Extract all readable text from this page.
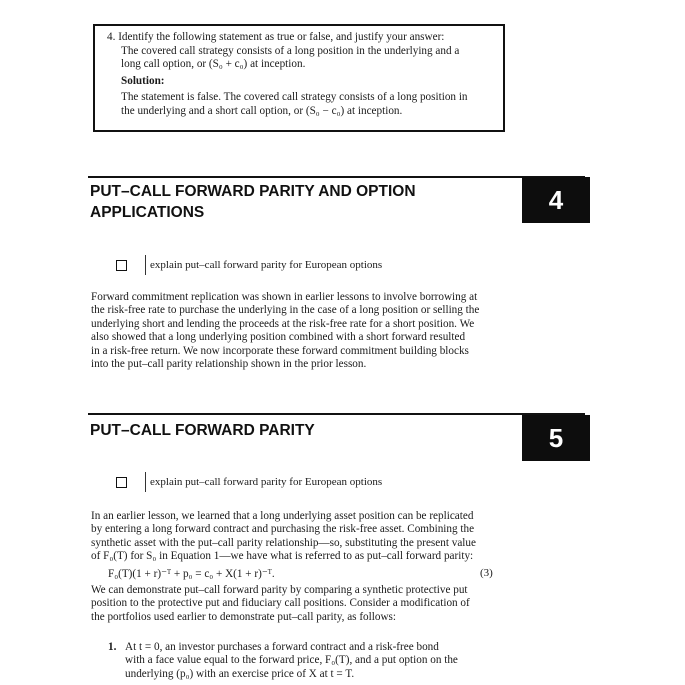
4. Identify the following statement as true or false, and justify your answer:
The covered call strategy consists of a long position in the underlying and a
long call option, or (S₀ + c₀) at inception.
Solution:
The statement is false. The covered call strategy consists of a long position in
the underlying and a short call option, or (S₀ − c₀) at inception.
PUT–CALL FORWARD PARITY AND OPTION
APPLICATIONS	4
explain put–call forward parity for European options
Forward commitment replication was shown in earlier lessons to involve borrowing at
the risk-free rate to purchase the underlying in the case of a long position or selling the
underlying short and lending the proceeds at the risk-free rate for a short position. We
also showed that a long underlying position combined with a short forward resulted
in a risk-free return. We now incorporate these forward commitment building blocks
into the put–call parity relationship shown in the prior lesson.
PUT–CALL FORWARD PARITY	5
explain put–call forward parity for European options
In an earlier lesson, we learned that a long underlying asset position can be replicated
by entering a long forward contract and purchasing the risk-free asset. Combining the
synthetic asset with the put–call parity relationship—so, substituting the present value
of F₀(T) for S₀ in Equation 1—we have what is referred to as put–call forward parity:
F₀(T)(1 + r)⁻ᵀ + p₀ = c₀ + X(1 + r)⁻ᵀ.	(3)
We can demonstrate put–call forward parity by comparing a synthetic protective put
position to the protective put and fiduciary call positions. Consider a modification of
the portfolios used earlier to demonstrate put–call parity, as follows:
1. At t = 0, an investor purchases a forward contract and a risk-free bond
with a face value equal to the forward price, F₀(T), and a put option on the
underlying (p₀) with an exercise price of X at t = T.
